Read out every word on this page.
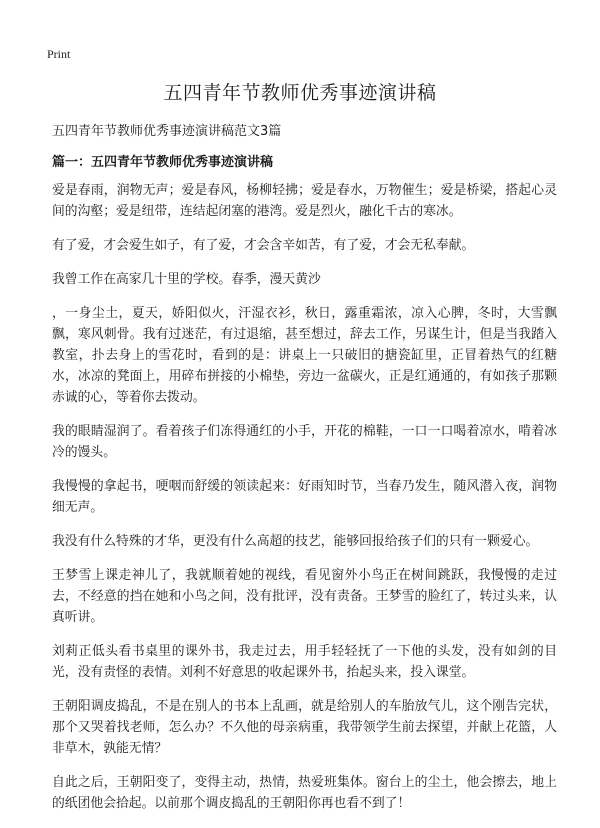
Print
五四青年节教师优秀事迹演讲稿

五四青年节教师优秀事迹演讲稿范文3篇

篇一：五四青年节教师优秀事迹演讲稿

爱是春雨，润物无声；爱是春风，杨柳轻拂；爱是春水，万物催生；爱是桥梁，搭起心灵间的沟壑；爱是纽带，连结起闭塞的港湾。爱是烈火，融化千古的寒冰。

有了爱，才会爱生如子，有了爱，才会含辛如苦，有了爱，才会无私奉献。

我曾工作在高家几十里的学校。春季，漫天黄沙

，一身尘土，夏天，娇阳似火，汗湿衣衫，秋日，露重霜浓，凉入心脾，冬时，大雪飘飘，寒风刺骨。我有过迷茫，有过退缩，甚至想过，辞去工作，另谋生计，但是当我踏入教室，扑去身上的雪花时，看到的是：讲桌上一只破旧的搪瓷缸里，正冒着热气的红糖水，冰凉的凳面上，用碎布拼接的小棉垫，旁边一盆碳火，正是红通通的，有如孩子那颗赤诚的心，等着你去拨动。

我的眼睛湿润了。看着孩子们冻得通红的小手，开花的棉鞋，一口一口喝着凉水，啃着冰冷的馒头。

我慢慢的拿起书，哽咽而舒缓的领读起来：好雨知时节，当春乃发生，随风潜入夜，润物细无声。

我没有什么特殊的才华，更没有什么高超的技艺，能够回报给孩子们的只有一颗爱心。

王梦雪上课走神儿了，我就顺着她的视线，看见窗外小鸟正在树间跳跃，我慢慢的走过去，不经意的挡在她和小鸟之间，没有批评，没有责备。王梦雪的脸红了，转过头来，认真听讲。

刘莉正低头看书桌里的课外书，我走过去，用手轻轻抚了一下他的头发，没有如剑的目光，没有责怪的表情。刘利不好意思的收起课外书，抬起头来，投入课堂。

王朝阳调皮捣乱，不是在别人的书本上乱画，就是给别人的车胎放气儿，这个刚告完状，那个又哭着找老师，怎么办？不久他的母亲病重，我带领学生前去探望，并献上花篮，人非草木，孰能无情？

自此之后，王朝阳变了，变得主动，热情，热爱班集体。窗台上的尘土，他会擦去，地上的纸团他会拾起。以前那个调皮捣乱的王朝阳你再也看不到了！
